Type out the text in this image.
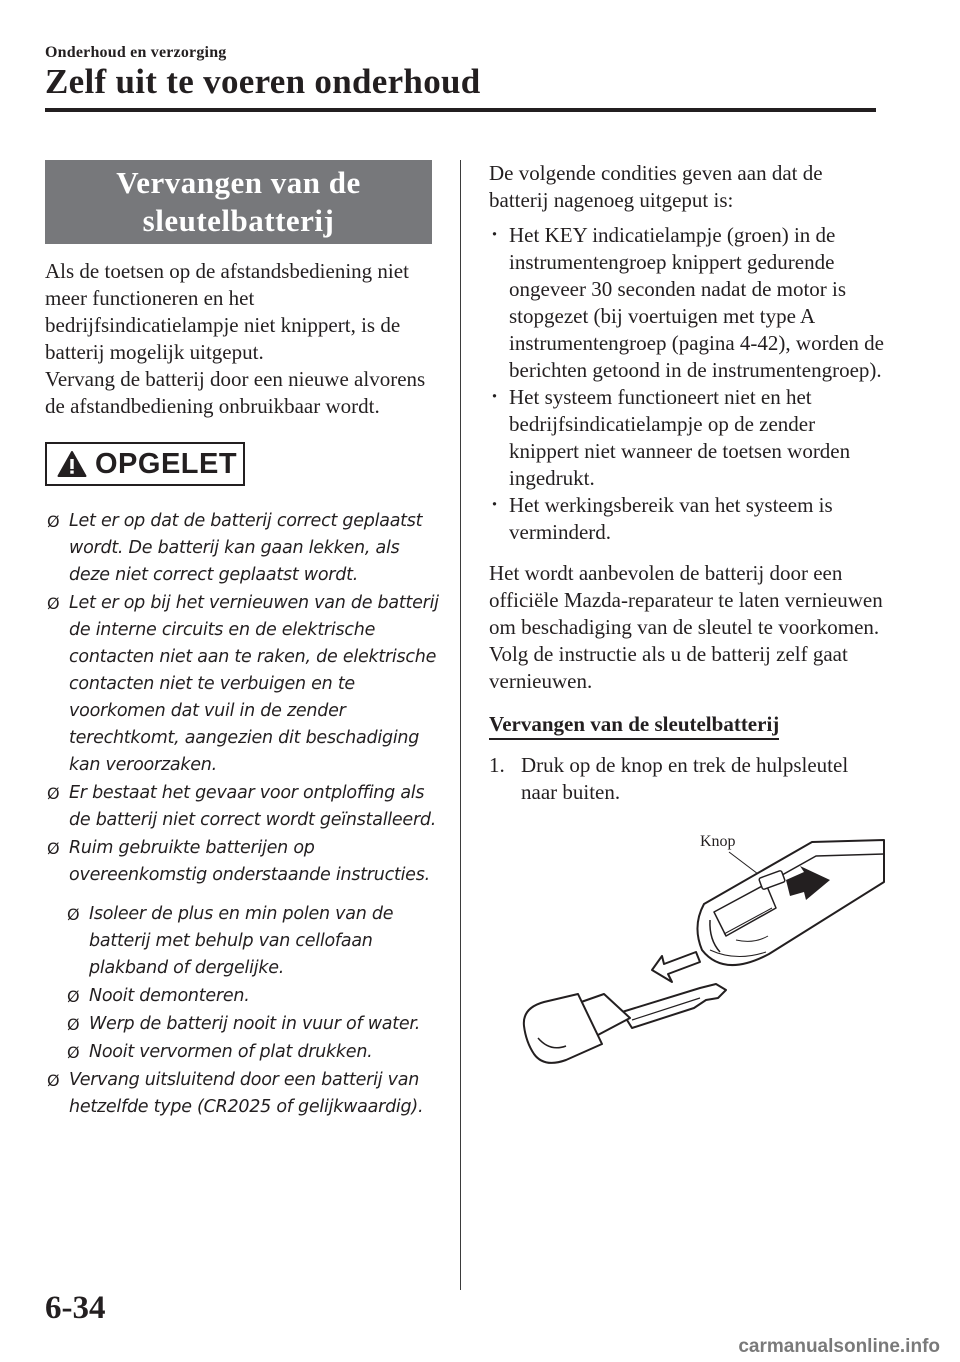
Onderhoud en verzorging
Zelf uit te voeren onderhoud
Vervangen van de
sleutelbatterij

Als de toetsen op de afstandsbediening niet meer functioneren en het bedrijfsindicatielampje niet knippert, is de batterij mogelijk uitgeput.

Vervang de batterij door een nieuwe alvorens de afstandbediening onbruikbaar wordt.

OPGELET
Ø Let er op dat de batterij correct geplaatst wordt. De batterij kan gaan lekken, als deze niet correct geplaatst wordt.
Ø Let er op bij het vernieuwen van de batterij de interne circuits en de elektrische contacten niet aan te raken, de elektrische contacten niet te verbuigen en te voorkomen dat vuil in de zender terechtkomt, aangezien dit beschadiging kan veroorzaken.
Ø Er bestaat het gevaar voor ontploffing als de batterij niet correct wordt geïnstalleerd.
Ø Ruim gebruikte batterijen op overeenkomstig onderstaande instructies.
Ø Isoleer de plus en min polen van de batterij met behulp van cellofaan plakband of dergelijke.
Ø Nooit demonteren.
Ø Werp de batterij nooit in vuur of water.
Ø Nooit vervormen of plat drukken.
Ø Vervang uitsluitend door een batterij van hetzelfde type (CR2025 of gelijkwaardig).

De volgende condities geven aan dat de batterij nagenoeg uitgeput is:

· Het KEY indicatielampje (groen) in de instrumentengroep knippert gedurende ongeveer 30 seconden nadat de motor is stopgezet (bij voertuigen met type A instrumentengroep (pagina 4-42), worden de berichten getoond in de instrumentengroep).
· Het systeem functioneert niet en het bedrijfsindicatielampje op de zender knippert niet wanneer de toetsen worden ingedrukt.
· Het werkingsbereik van het systeem is verminderd.

Het wordt aanbevolen de batterij door een officiële Mazda-reparateur te laten vernieuwen om beschadiging van de sleutel te voorkomen. Volg de instructie als u de batterij zelf gaat vernieuwen.

Vervangen van de sleutelbatterij
1. Druk op de knop en trek de hulpsleutel naar buiten.
Knop
6-34
carmanualsonline.info
